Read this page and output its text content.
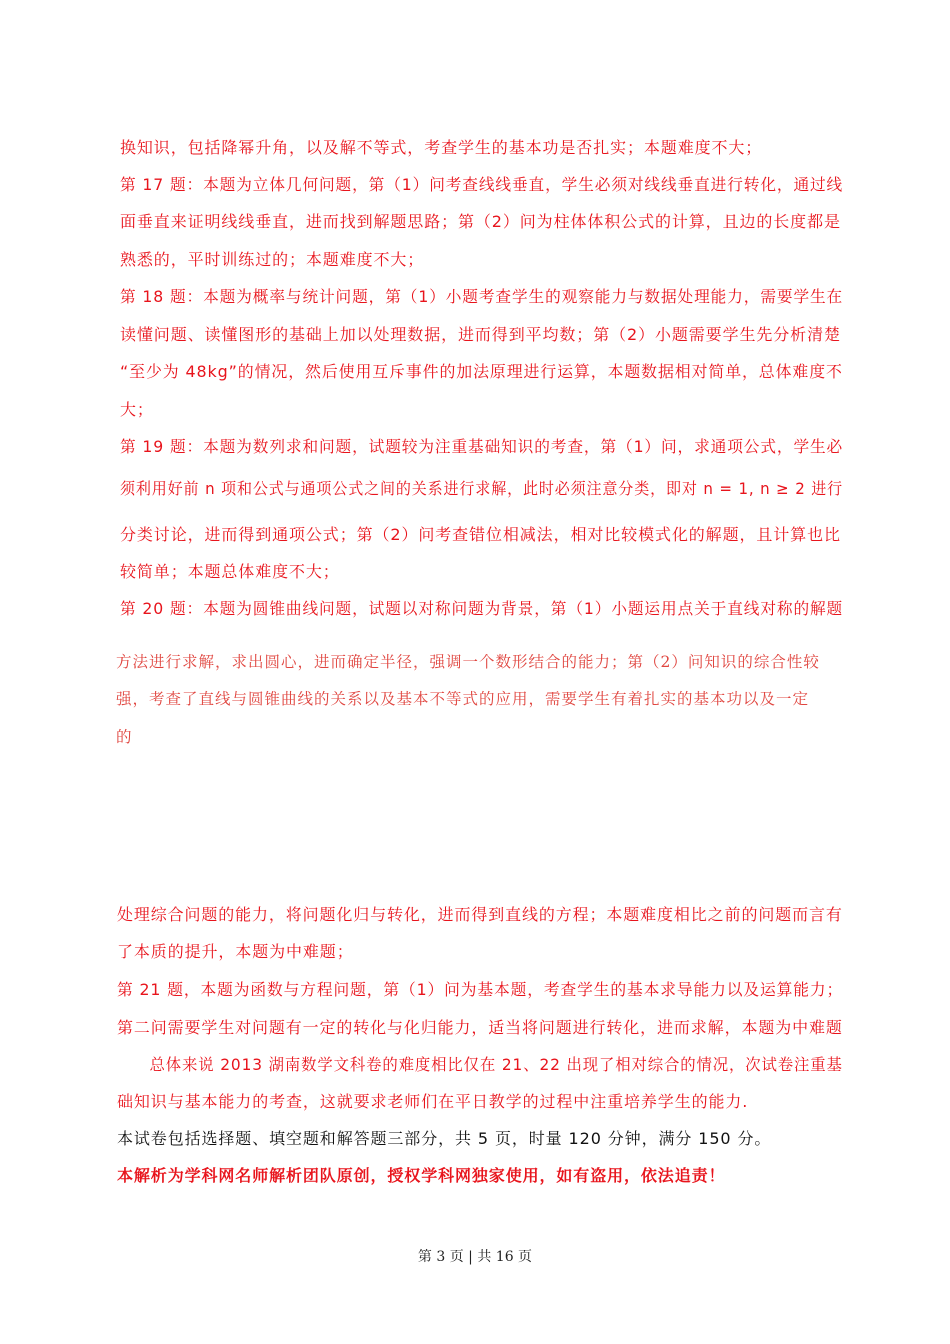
换知识，包括降幂升角，以及解不等式，考查学生的基本功是否扎实；本题难度不大；
第 17 题：本题为立体几何问题，第（1）问考查线线垂直，学生必须对线线垂直进行转化，通过线
面垂直来证明线线垂直，进而找到解题思路；第（2）问为柱体体积公式的计算，且边的长度都是
熟悉的，平时训练过的；本题难度不大；
第 18 题：本题为概率与统计问题，第（1）小题考查学生的观察能力与数据处理能力，需要学生在
读懂问题、读懂图形的基础上加以处理数据，进而得到平均数；第（2）小题需要学生先分析清楚
“至少为 48kg”的情况，然后使用互斥事件的加法原理进行运算，本题数据相对简单，总体难度不
大；
第 19 题：本题为数列求和问题，试题较为注重基础知识的考查，第（1）问，求通项公式，学生必
须利用好前 n 项和公式与通项公式之间的关系进行求解，此时必须注意分类，即对 n = 1, n ≥ 2 进行
分类讨论，进而得到通项公式；第（2）问考查错位相减法，相对比较模式化的解题，且计算也比
较简单；本题总体难度不大；
第 20 题：本题为圆锥曲线问题，试题以对称问题为背景，第（1）小题运用点关于直线对称的解题
方法进行求解，求出圆心，进而确定半径，强调一个数形结合的能力；第（2）问知识的综合性较
强，考查了直线与圆锥曲线的关系以及基本不等式的应用，需要学生有着扎实的基本功以及一定
的
处理综合问题的能力，将问题化归与转化，进而得到直线的方程；本题难度相比之前的问题而言有
了本质的提升，本题为中难题；
第 21 题，本题为函数与方程问题，第（1）问为基本题，考查学生的基本求导能力以及运算能力；
第二问需要学生对问题有一定的转化与化归能力，适当将问题进行转化，进而求解，本题为中难题
　　总体来说 2013 湖南数学文科卷的难度相比仅在 21、22 出现了相对综合的情况，次试卷注重基
础知识与基本能力的考查，这就要求老师们在平日教学的过程中注重培养学生的能力.
本试卷包括选择题、填空题和解答题三部分，共 5 页，时量 120 分钟，满分 150 分。
本解析为学科网名师解析团队原创，授权学科网独家使用，如有盗用，依法追责！
第 3 页 | 共 16 页
